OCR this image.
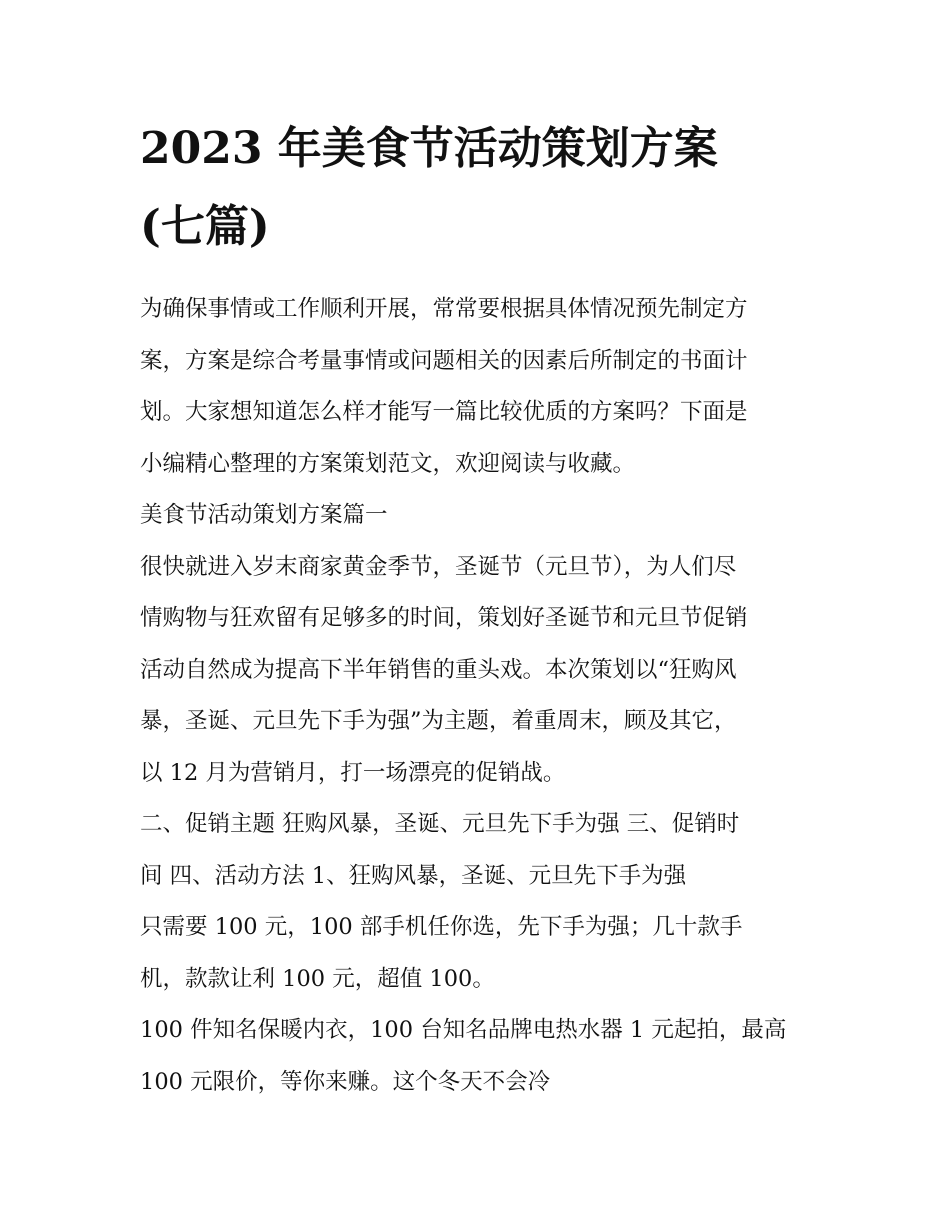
2023 年美食节活动策划方案
(七篇)

为确保事情或工作顺利开展，常常要根据具体情况预先制定方
案，方案是综合考量事情或问题相关的因素后所制定的书面计
划。大家想知道怎么样才能写一篇比较优质的方案吗？下面是
小编精心整理的方案策划范文，欢迎阅读与收藏。

美食节活动策划方案篇一

很快就进入岁末商家黄金季节，圣诞节（元旦节），为人们尽
情购物与狂欢留有足够多的时间，策划好圣诞节和元旦节促销
活动自然成为提高下半年销售的重头戏。本次策划以“狂购风
暴，圣诞、元旦先下手为强”为主题，着重周末，顾及其它，
以 12 月为营销月，打一场漂亮的促销战。

二、促销主题 狂购风暴，圣诞、元旦先下手为强 三、促销时
间 四、活动方法 1、狂购风暴，圣诞、元旦先下手为强

只需要 100 元，100 部手机任你选，先下手为强；几十款手
机，款款让利 100 元，超值 100。

100 件知名保暖内衣，100 台知名品牌电热水器 1 元起拍，最高
100 元限价，等你来赚。这个冬天不会冷
